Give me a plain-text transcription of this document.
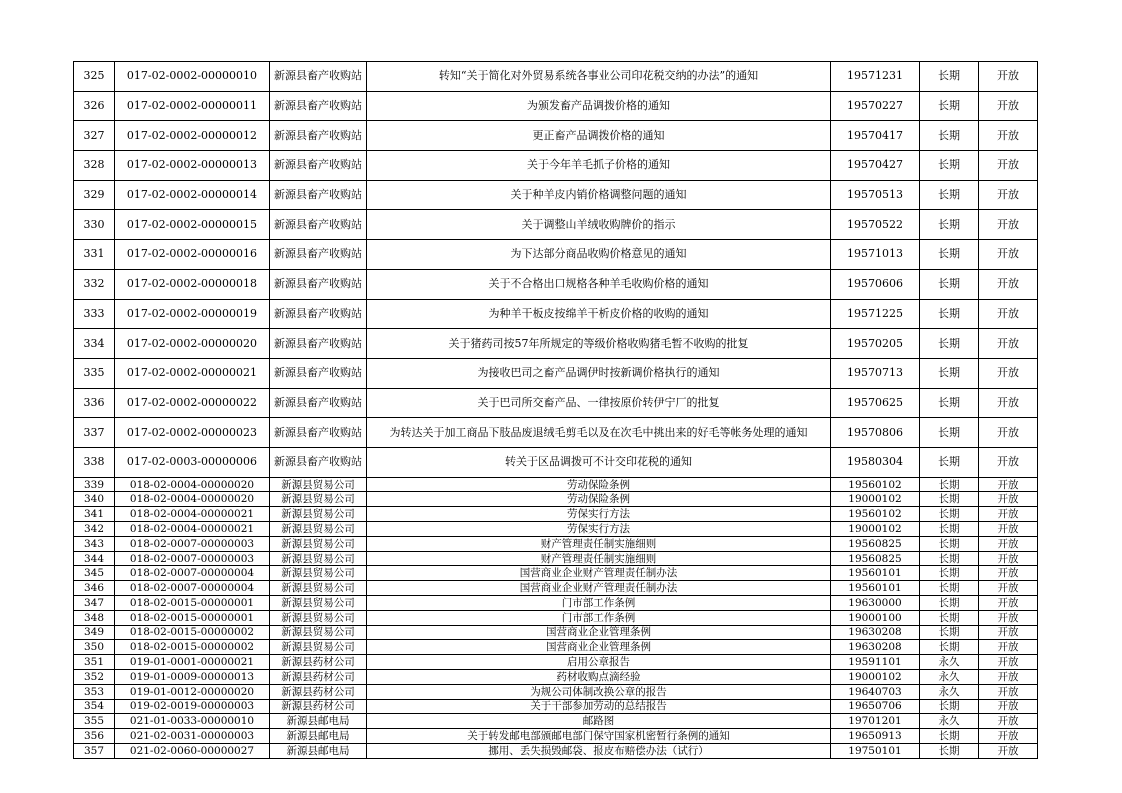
325	017-02-0002-00000010	新源县畜产收购站	转知“关于简化对外贸易系统各事业公司印花税交纳的办法”的通知	19571231	长期	开放
326	017-02-0002-00000011	新源县畜产收购站	为颁发畜产品调拨价格的通知	19570227	长期	开放
327	017-02-0002-00000012	新源县畜产收购站	更正畜产品调拨价格的通知	19570417	长期	开放
328	017-02-0002-00000013	新源县畜产收购站	关于今年羊毛抓子价格的通知	19570427	长期	开放
329	017-02-0002-00000014	新源县畜产收购站	关于种羊皮内销价格调整问题的通知	19570513	长期	开放
330	017-02-0002-00000015	新源县畜产收购站	关于调整山羊绒收购牌价的指示	19570522	长期	开放
331	017-02-0002-00000016	新源县畜产收购站	为下达部分商品收购价格意见的通知	19571013	长期	开放
332	017-02-0002-00000018	新源县畜产收购站	关于不合格出口规格各种羊毛收购价格的通知	19570606	长期	开放
333	017-02-0002-00000019	新源县畜产收购站	为种羊干板皮按绵羊干析皮价格的收购的通知	19571225	长期	开放
334	017-02-0002-00000020	新源县畜产收购站	关于猪药司按57年所规定的等级价格收购猪毛暂不收购的批复	19570205	长期	开放
335	017-02-0002-00000021	新源县畜产收购站	为接收巴司之畜产品调伊时按新调价格执行的通知	19570713	长期	开放
336	017-02-0002-00000022	新源县畜产收购站	关于巴司所交畜产品、一律按原价转伊宁厂的批复	19570625	长期	开放
337	017-02-0002-00000023	新源县畜产收购站	为转达关于加工商品下肢品废退绒毛剪毛以及在次毛中挑出来的好毛等帐务处理的通知	19570806	长期	开放
338	017-02-0003-00000006	新源县畜产收购站	转关于区品调拨可不计交印花税的通知	19580304	长期	开放
339	018-02-0004-00000020	新源县贸易公司	劳动保险条例	19560102	长期	开放
340	018-02-0004-00000020	新源县贸易公司	劳动保险条例	19000102	长期	开放
341	018-02-0004-00000021	新源县贸易公司	劳保实行方法	19560102	长期	开放
342	018-02-0004-00000021	新源县贸易公司	劳保实行方法	19000102	长期	开放
343	018-02-0007-00000003	新源县贸易公司	财产管理责任制实施细则	19560825	长期	开放
344	018-02-0007-00000003	新源县贸易公司	财产管理责任制实施细则	19560825	长期	开放
345	018-02-0007-00000004	新源县贸易公司	国营商业企业财产管理责任制办法	19560101	长期	开放
346	018-02-0007-00000004	新源县贸易公司	国营商业企业财产管理责任制办法	19560101	长期	开放
347	018-02-0015-00000001	新源县贸易公司	门市部工作条例	19630000	长期	开放
348	018-02-0015-00000001	新源县贸易公司	门市部工作条例	19000100	长期	开放
349	018-02-0015-00000002	新源县贸易公司	国营商业企业管理条例	19630208	长期	开放
350	018-02-0015-00000002	新源县贸易公司	国营商业企业管理条例	19630208	长期	开放
351	019-01-0001-00000021	新源县药材公司	启用公章报告	19591101	永久	开放
352	019-01-0009-00000013	新源县药材公司	药材收购点滴经验	19000102	永久	开放
353	019-01-0012-00000020	新源县药材公司	为规公司体制改换公章的报告	19640703	永久	开放
354	019-02-0019-00000003	新源县药材公司	关于干部参加劳动的总结报告	19650706	长期	开放
355	021-01-0033-00000010	新源县邮电局	邮路图	19701201	永久	开放
356	021-02-0031-00000003	新源县邮电局	关于转发邮电部颁邮电部门保守国家机密暂行条例的通知	19650913	长期	开放
357	021-02-0060-00000027	新源县邮电局	挪用、丢失损毁邮袋、报皮布赔偿办法（试行）	19750101	长期	开放
